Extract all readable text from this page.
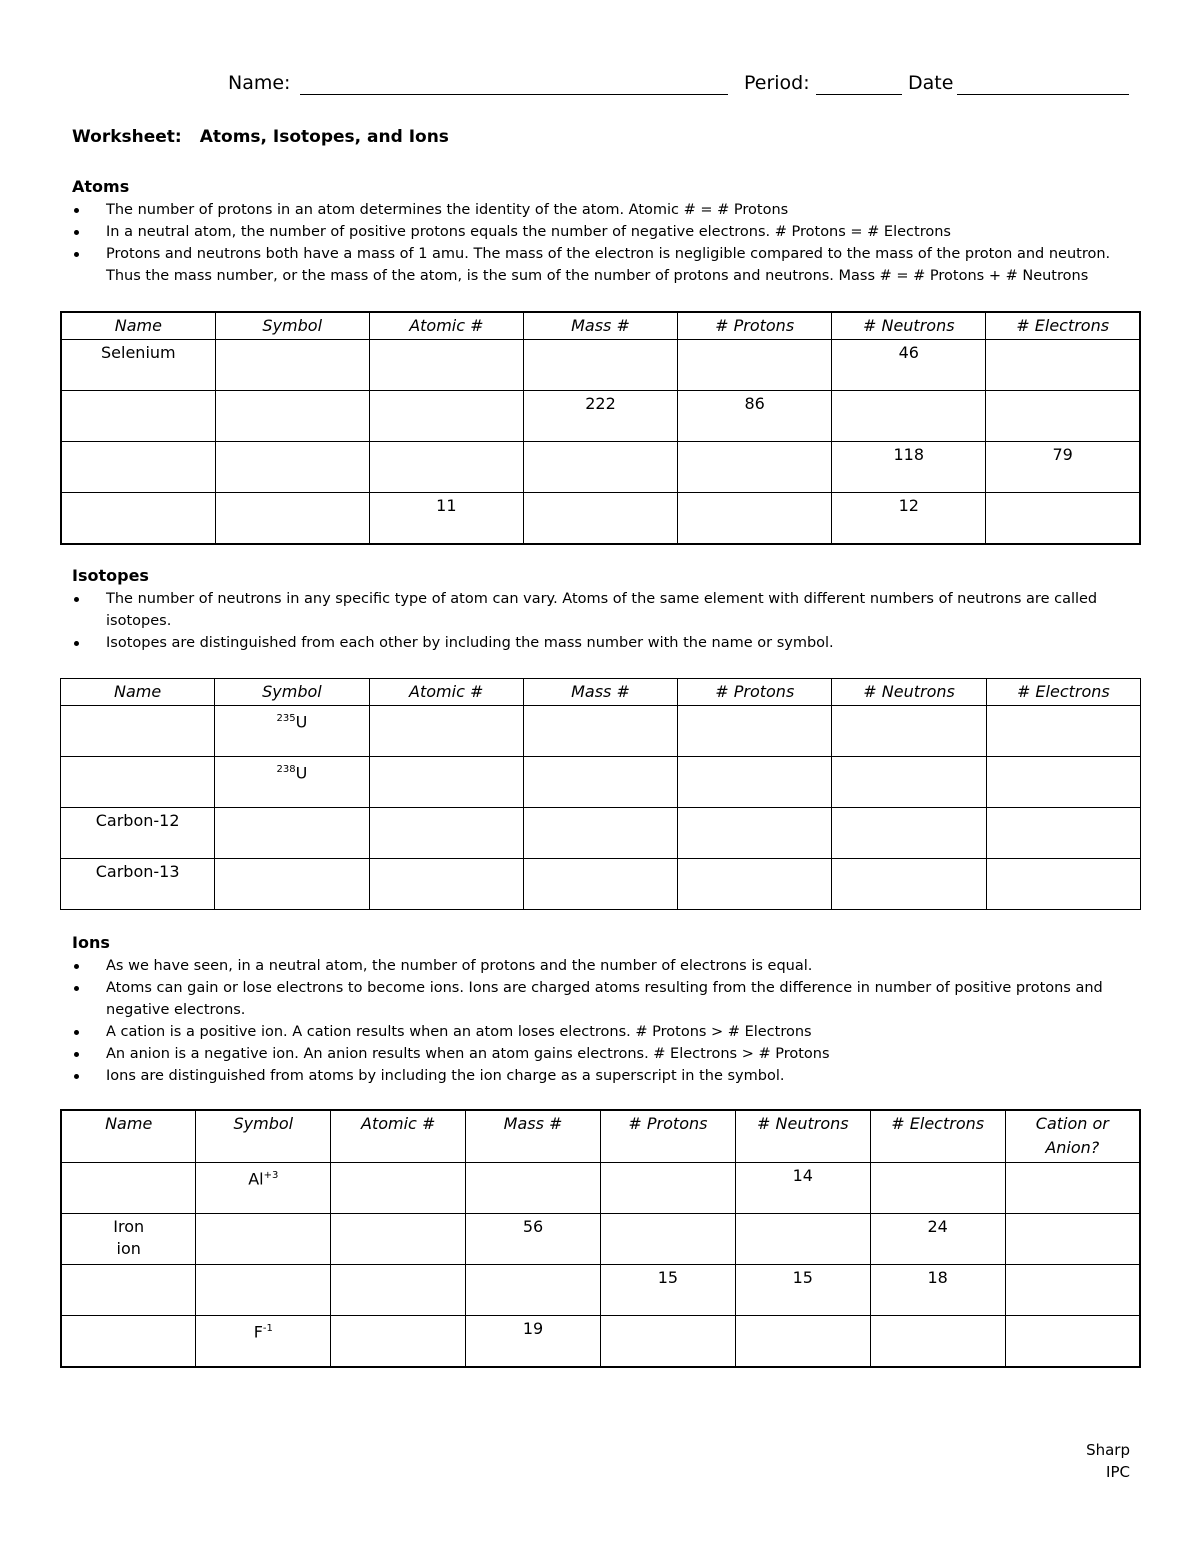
Name:	Period:	Date
Worksheet: Atoms, Isotopes, and Ions
Atoms
The number of protons in an atom determines the identity of the atom. Atomic # = # Protons
In a neutral atom, the number of positive protons equals the number of negative electrons. # Protons = # Electrons
Protons and neutrons both have a mass of 1 amu. The mass of the electron is negligible compared to the mass of the proton and neutron. Thus the mass number, or the mass of the atom, is the sum of the number of protons and neutrons. Mass # = # Protons + # Neutrons
Name	Symbol	Atomic #	Mass #	# Protons	# Neutrons	# Electrons
Selenium					46	
			222	86		
					118	79
		11			12	
Isotopes
The number of neutrons in any specific type of atom can vary. Atoms of the same element with different numbers of neutrons are called isotopes.
Isotopes are distinguished from each other by including the mass number with the name or symbol.
Name	Symbol	Atomic #	Mass #	# Protons	# Neutrons	# Electrons
	$^{235}$U					
	$^{238}$U					
Carbon-12						
Carbon-13						
Ions
As we have seen, in a neutral atom, the number of protons and the number of electrons is equal.
Atoms can gain or lose electrons to become ions. Ions are charged atoms resulting from the difference in number of positive protons and negative electrons.
A cation is a positive ion. A cation results when an atom loses electrons. # Protons > # Electrons
An anion is a negative ion. An anion results when an atom gains electrons. # Electrons > # Protons
Ions are distinguished from atoms by including the ion charge as a superscript in the symbol.
Name	Symbol	Atomic #	Mass #	# Protons	# Neutrons	# Electrons	Cation or
Anion?

	$Al^{+3}$				14		
Iron
ion			56			24	

				15	15	18	

	$F^{-1}$		19				
Sharp
IPC
